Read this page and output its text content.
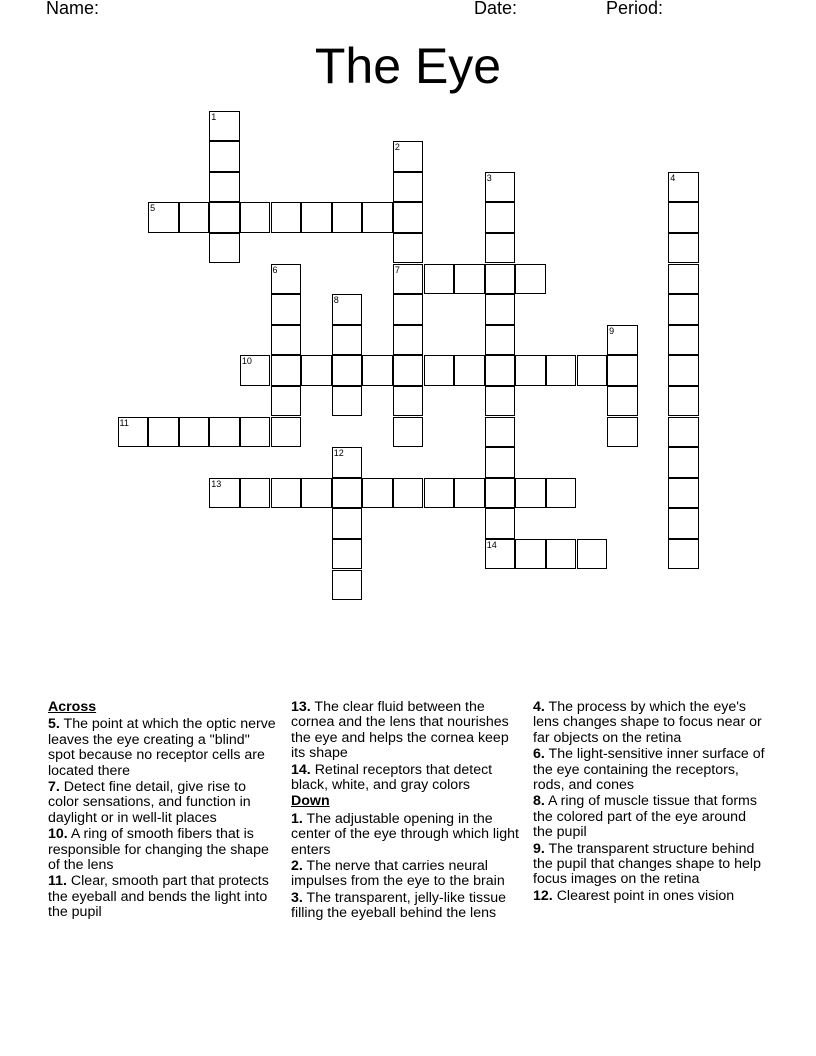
Name:	Date:	Period:
The Eye
1
2
7
3
14
4
5
6
8
9
10
11
12
13
Across
5. The point at which the optic nerve leaves the eye creating a "blind" spot because no receptor cells are located there
7. Detect fine detail, give rise to color sensations, and function in daylight or in well-lit places
10. A ring of smooth fibers that is responsible for changing the shape of the lens
11. Clear, smooth part that protects the eyeball and bends the light into the pupil
13. The clear fluid between the cornea and the lens that nourishes the eye and helps the cornea keep its shape
14. Retinal receptors that detect black, white, and gray colors
Down
1. The adjustable opening in the center of the eye through which light enters
2. The nerve that carries neural impulses from the eye to the brain
3. The transparent, jelly-like tissue filling the eyeball behind the lens
4. The process by which the eye's lens changes shape to focus near or far objects on the retina
6. The light-sensitive inner surface of the eye containing the receptors, rods, and cones
8. A ring of muscle tissue that forms the colored part of the eye around the pupil
9. The transparent structure behind the pupil that changes shape to help focus images on the retina
12. Clearest point in ones vision
